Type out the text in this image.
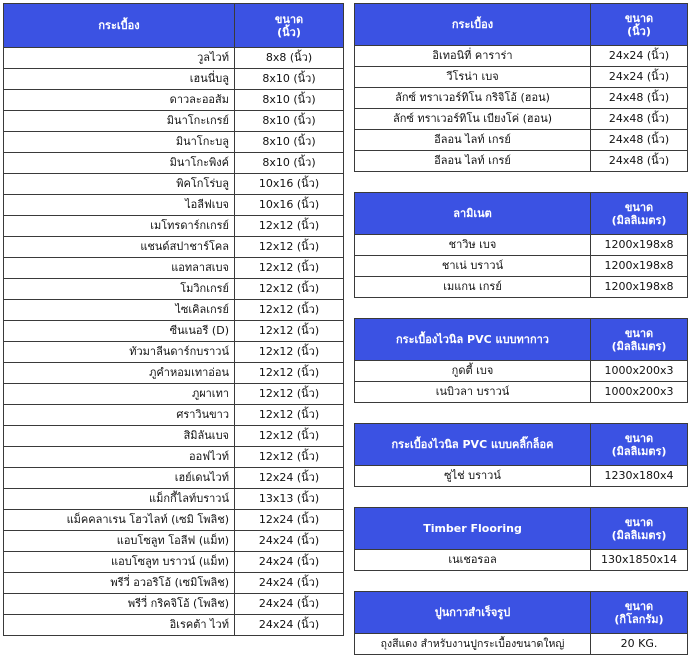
กระเบื้อง	ขนาด
(นิ้ว)
วูลไวท์	8x8 (นิ้ว)
เฮนนี่บลู	8x10 (นิ้ว)
ดาวละออส้ม	8x10 (นิ้ว)
มินาโกะเกรย์	8x10 (นิ้ว)
มินาโกะบลู	8x10 (นิ้ว)
มินาโกะพิงค์	8x10 (นิ้ว)
พิคโกโร่บลู	10x16 (นิ้ว)
ไอลีฟเบจ	10x16 (นิ้ว)
เมโทรดาร์กเกรย์	12x12 (นิ้ว)
แชนด์สปาชาร์โคล	12x12 (นิ้ว)
แอทลาสเบจ	12x12 (นิ้ว)
โมวิกเกรย์	12x12 (นิ้ว)
ไซเคิลเกรย์	12x12 (นิ้ว)
ซีนเนอรี (D)	12x12 (นิ้ว)
ทัวมาลีนดาร์กบราวน์	12x12 (นิ้ว)
ภูคำหอมเทาอ่อน	12x12 (นิ้ว)
ภูผาเทา	12x12 (นิ้ว)
ศราวินขาว	12x12 (นิ้ว)
สิมิลันเบจ	12x12 (นิ้ว)
ออฟไวท์	12x12 (นิ้ว)
เฮย์เดนไวท์	12x24 (นิ้ว)
แม็กกี้ไลท์บราวน์	13x13 (นิ้ว)
แม็คคลาเรน โฮวไลท์ (เซมิ โพลิช)	12x24 (นิ้ว)
แอบโซลูท โอลีฟ (แม็ท)	24x24 (นิ้ว)
แอบโซลูท บราวน์ (แม็ท)	24x24 (นิ้ว)
พรีวี่ อวอริโอ้ (เซมิโพลิช)	24x24 (นิ้ว)
พรีวี่ กริคจิโอ้ (โพลิช)	24x24 (นิ้ว)
อิเรคต้า ไวท์	24x24 (นิ้ว)
กระเบื้อง	ขนาด
(นิ้ว)
อิเทอนิที่ คาราร่า	24x24 (นิ้ว)
วีโรน่า เบจ	24x24 (นิ้ว)
ลักซ์ ทราเวอร์ทิโน กริจิโอ้ (ฮอน)	24x48 (นิ้ว)
ลักซ์ ทราเวอร์ทิโน เบียงโค่ (ฮอน)	24x48 (นิ้ว)
อีลอน ไลท์ เกรย์	24x48 (นิ้ว)
อีลอน ไลท์ เกรย์	24x48 (นิ้ว)
ลามิเนต	ขนาด
(มิลลิเมตร)
ชาวิษ เบจ	1200x198x8
ชาเน่ บราวน์	1200x198x8
เมแกน เกรย์	1200x198x8
กระเบื้องไวนิล PVC แบบทากาว	ขนาด
(มิลลิเมตร)
กูดตี้ เบจ	1000x200x3
เนบิวลา บราวน์	1000x200x3
กระเบื้องไวนิล PVC แบบคลิ๊กล็อค	ขนาด
(มิลลิเมตร)
ซูไช่ บราวน์	1230x180x4
Timber Flooring	ขนาด
(มิลลิเมตร)
เนเชอรอล	130x1850x14
ปูนกาวสำเร็จรูป	ขนาด
(กิโลกรัม)
ถุงสีแดง สำหรับงานปูกระเบื้องขนาดใหญ่	20 KG.
